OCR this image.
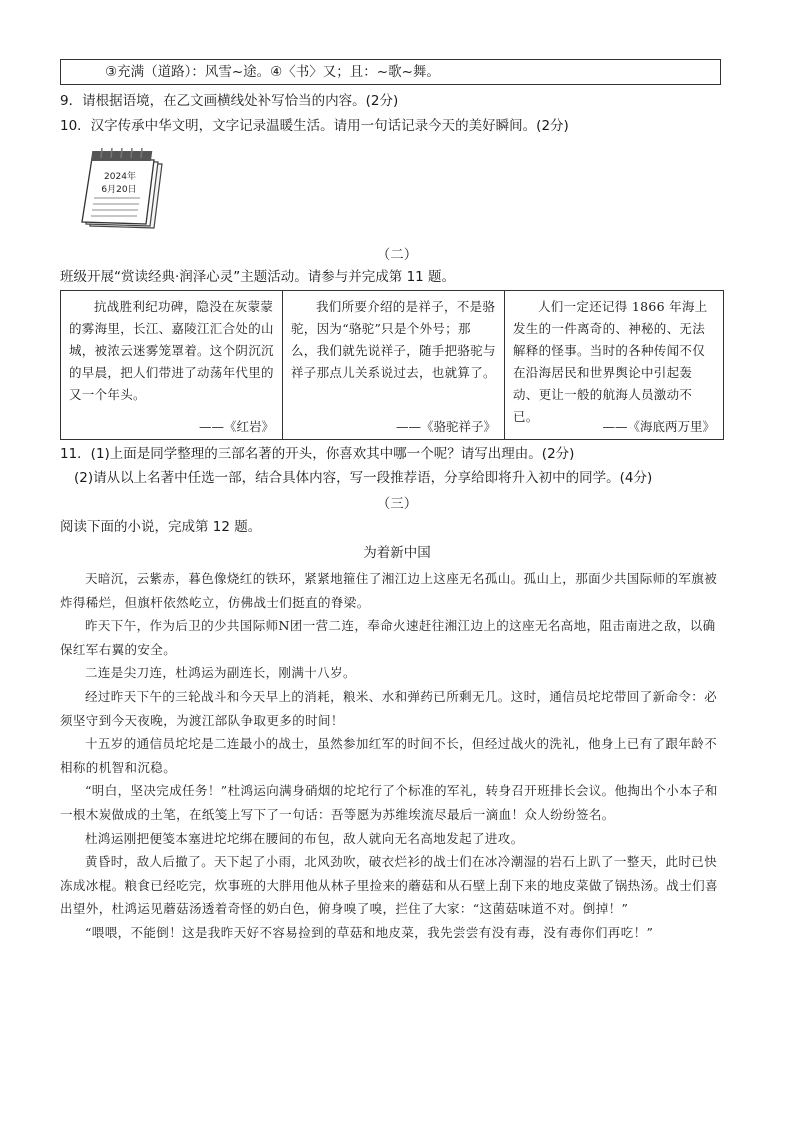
③充满（道路）：风雪~途。④〈书〉又；且：~歌~舞。
9．请根据语境，在乙文画横线处补写恰当的内容。(2分)
10．汉字传承中华文明，文字记录温暖生活。请用一句话记录今天的美好瞬间。(2分)
2024年
6月20日
（二）
班级开展“赏读经典·润泽心灵”主题活动。请参与并完成第 11 题。
抗战胜利纪功碑，隐没在灰蒙蒙的雾海里，长江、嘉陵江汇合处的山城，被浓云迷雾笼罩着。这个阴沉沉的早晨，把人们带进了动荡年代里的又一个年头。
——《红岩》

我们所要介绍的是祥子，不是骆驼，因为“骆驼”只是个外号；那么，我们就先说祥子，随手把骆驼与祥子那点儿关系说过去，也就算了。
——《骆驼祥子》

人们一定还记得 1866 年海上发生的一件离奇的、神秘的、无法解释的怪事。当时的各种传闻不仅在沿海居民和世界舆论中引起轰动、更让一般的航海人员激动不已。
——《海底两万里》
11．(1)上面是同学整理的三部名著的开头，你喜欢其中哪一个呢？请写出理由。(2分)
(2)请从以上名著中任选一部，结合具体内容，写一段推荐语，分享给即将升入初中的同学。(4分)
（三）
阅读下面的小说，完成第 12 题。
为着新中国

天暗沉，云紫赤，暮色像烧红的铁环，紧紧地箍住了湘江边上这座无名孤山。孤山上，那面少共国际师的军旗被炸得稀烂，但旗杆依然屹立，仿佛战士们挺直的脊梁。

昨天下午，作为后卫的少共国际师N团一营二连，奉命火速赶往湘江边上的这座无名高地，阻击南进之敌，以确保红军右翼的安全。

二连是尖刀连，杜鸿运为副连长，刚满十八岁。

经过昨天下午的三轮战斗和今天早上的消耗，粮米、水和弹药已所剩无几。这时，通信员坨坨带回了新命令：必须坚守到今天夜晚，为渡江部队争取更多的时间！

十五岁的通信员坨坨是二连最小的战士，虽然参加红军的时间不长，但经过战火的洗礼，他身上已有了跟年龄不相称的机智和沉稳。

“明白，坚决完成任务！”杜鸿运向满身硝烟的坨坨行了个标准的军礼，转身召开班排长会议。他掏出个小本子和一根木炭做成的土笔，在纸笺上写下了一句话：吾等愿为苏维埃流尽最后一滴血！众人纷纷签名。

杜鸿运刚把便笺本塞进坨坨绑在腰间的布包，敌人就向无名高地发起了进攻。

黄昏时，敌人后撤了。天下起了小雨，北风劲吹，破衣烂衫的战士们在冰冷潮湿的岩石上趴了一整天，此时已快冻成冰棍。粮食已经吃完，炊事班的大胖用他从林子里捡来的蘑菇和从石壁上刮下来的地皮菜做了锅热汤。战士们喜出望外，杜鸿运见蘑菇汤透着奇怪的奶白色，俯身嗅了嗅，拦住了大家：“这菌菇味道不对。倒掉！”

“喂喂，不能倒！这是我昨天好不容易捡到的草菇和地皮菜，我先尝尝有没有毒，没有毒你们再吃！”
